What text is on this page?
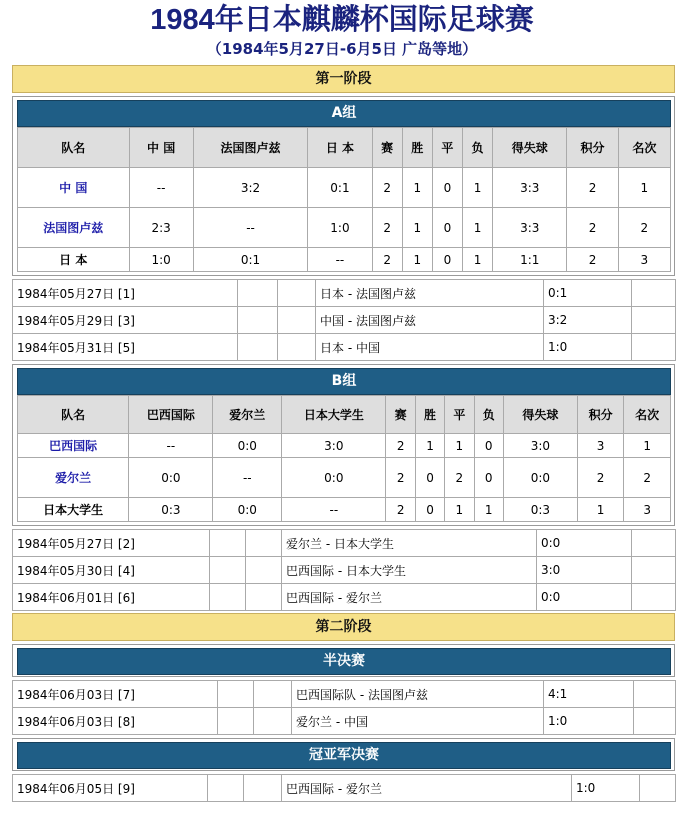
1984年日本麒麟杯国际足球赛
（1984年5月27日-6月5日 广岛等地）
第一阶段
A组
队名	中 国	法国图卢兹	日 本	赛	胜	平	负	得失球	积分	名次
中 国	--	3:2	0:1	2	1	0	1	3:3	2	1
法国图卢兹	2:3	--	1:0	2	1	0	1	3:3	2	2
日 本	1:0	0:1	--	2	1	0	1	1:1	2	3
1984年05月27日 [1]			日本 - 法国图卢兹	0:1	
1984年05月29日 [3]			中国 - 法国图卢兹	3:2	
1984年05月31日 [5]			日本 - 中国	1:0	
B组
队名	巴西国际	爱尔兰	日本大学生	赛	胜	平	负	得失球	积分	名次
巴西国际	--	0:0	3:0	2	1	1	0	3:0	3	1
爱尔兰	0:0	--	0:0	2	0	2	0	0:0	2	2
日本大学生	0:3	0:0	--	2	0	1	1	0:3	1	3
1984年05月27日 [2]			爱尔兰 - 日本大学生	0:0	
1984年05月30日 [4]			巴西国际 - 日本大学生	3:0	
1984年06月01日 [6]			巴西国际 - 爱尔兰	0:0	
第二阶段
半决赛
1984年06月03日 [7]			巴西国际队 - 法国图卢兹	4:1	
1984年06月03日 [8]			爱尔兰 - 中国	1:0	
冠亚军决赛
1984年06月05日 [9]			巴西国际 - 爱尔兰	1:0	
